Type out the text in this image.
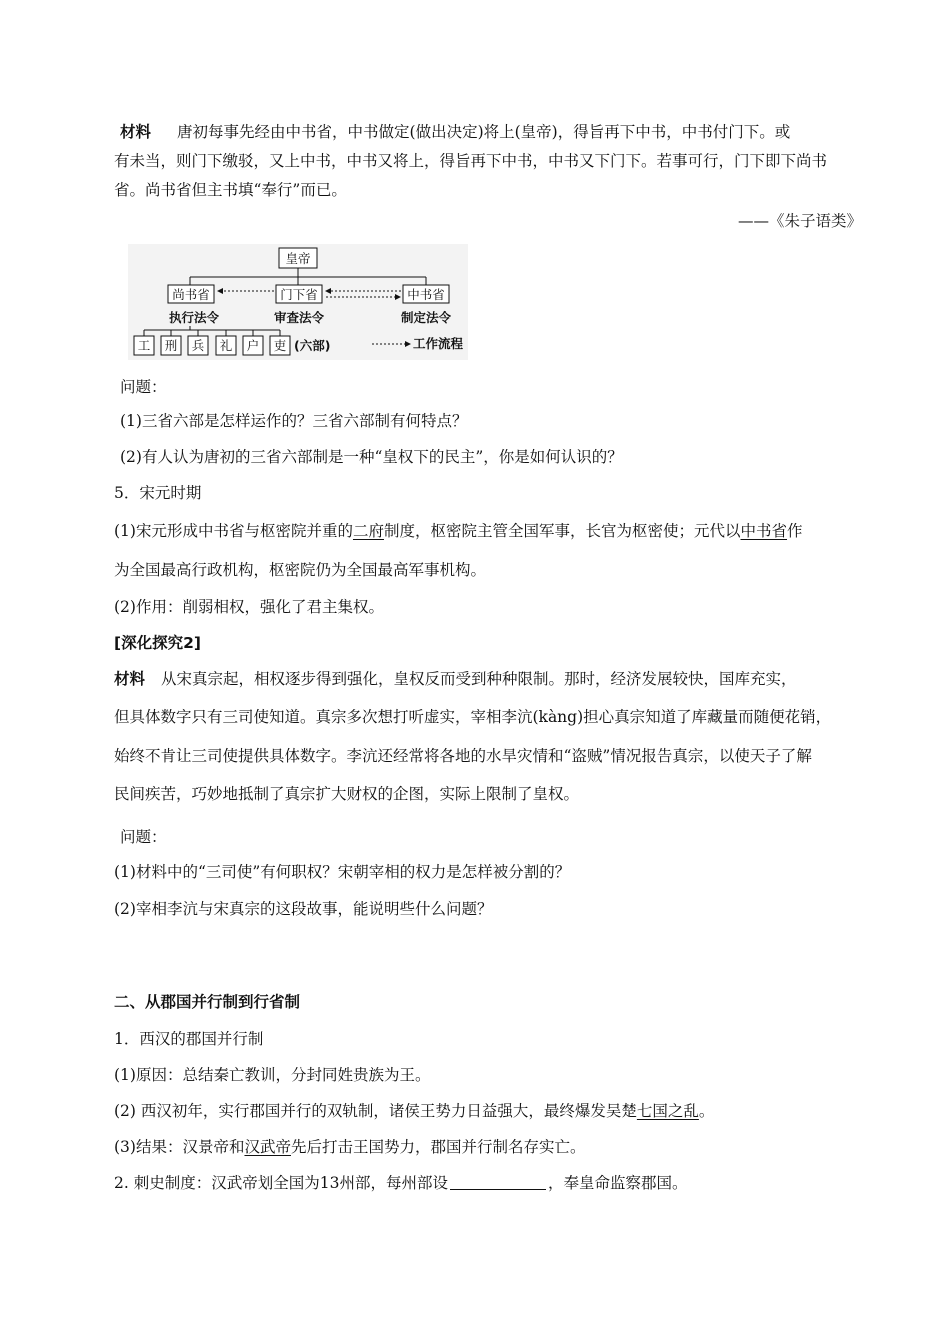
材料 唐初每事先经由中书省，中书做定(做出决定)将上(皇帝)，得旨再下中书，中书付门下。或
有未当，则门下缴驳，又上中书，中书又将上，得旨再下中书，中书又下门下。若事可行，门下即下尚书
省。尚书省但主书填“奉行”而已。
——《朱子语类》
皇帝
尚书省	门下省	中书省
执行法令	审查法令	制定法令
工 刑 兵 礼 户 吏 (六部)	工作流程
问题：
(1)三省六部是怎样运作的？三省六部制有何特点？
(2)有人认为唐初的三省六部制是一种“皇权下的民主”，你是如何认识的？
5．宋元时期
(1)宋元形成中书省与枢密院并重的二府制度，枢密院主管全国军事，长官为枢密使；元代以中书省作
为全国最高行政机构，枢密院仍为全国最高军事机构。
(2)作用：削弱相权，强化了君主集权。
[深化探究2]
材料 从宋真宗起，相权逐步得到强化，皇权反而受到种种限制。那时，经济发展较快，国库充实，
但具体数字只有三司使知道。真宗多次想打听虚实，宰相李沆(kàng)担心真宗知道了库藏量而随便花销，
始终不肯让三司使提供具体数字。李沆还经常将各地的水旱灾情和“盗贼”情况报告真宗，以使天子了解
民间疾苦，巧妙地抵制了真宗扩大财权的企图，实际上限制了皇权。
问题：
(1)材料中的“三司使”有何职权？宋朝宰相的权力是怎样被分割的？
(2)宰相李沆与宋真宗的这段故事，能说明些什么问题？
二、从郡国并行制到行省制
1．西汉的郡国并行制
(1)原因：总结秦亡教训，分封同姓贵族为王。
(2) 西汉初年，实行郡国并行的双轨制，诸侯王势力日益强大，最终爆发吴楚七国之乱。
(3)结果：汉景帝和汉武帝先后打击王国势力，郡国并行制名存实亡。
2. 刺史制度：汉武帝划全国为13州部，每州部设	，奉皇命监察郡国。
